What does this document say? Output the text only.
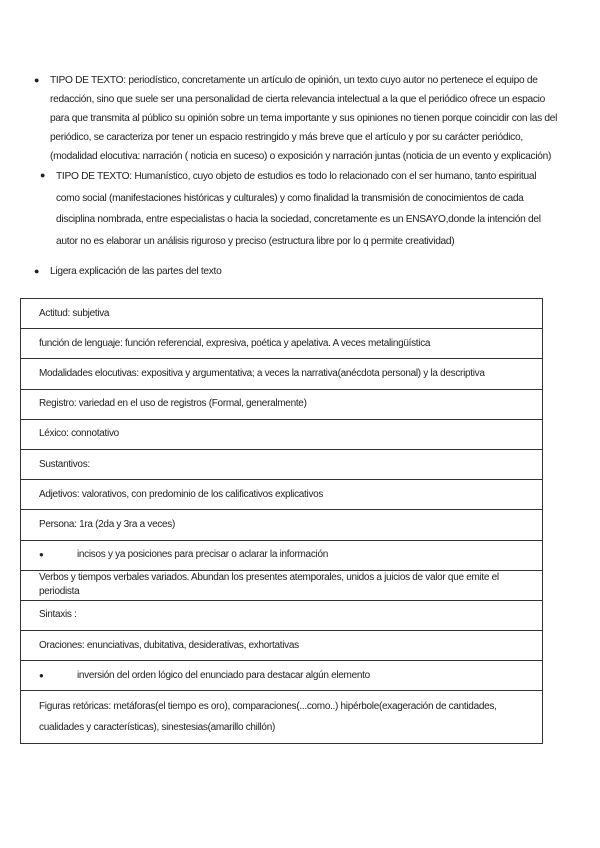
●	TIPO DE TEXTO: periodístico, concretamente un artículo de opinión, un texto cuyo autor no pertenece el equipo de redacción, sino que suele ser una personalidad de cierta relevancia intelectual a la que el periódico ofrece un espacio para que transmita al público su opinión sobre un tema importante y sus opiniones no tienen porque coincidir con las del periódico, se caracteriza por tener un espacio restringido y más breve que el artículo y por su carácter periódico, (modalidad elocutiva: narración ( noticia en suceso) o exposición y narración juntas (noticia de un evento y explicación)
●	TIPO DE TEXTO: Humanístico, cuyo objeto de estudios es todo lo relacionado con el ser humano, tanto espiritual como social (manifestaciones históricas y culturales) y como finalidad la transmisión de conocimientos de cada disciplina nombrada, entre especialistas o hacia la sociedad, concretamente es un ENSAYO,donde la intención del autor no es elaborar un análisis riguroso y preciso (estructura libre por lo q permite creatividad)
●	Ligera explicación de las partes del texto
Actitud: subjetiva
función de lenguaje: función referencial, expresiva, poética y apelativa. A veces metalingüística
Modalidades elocutivas: expositiva y argumentativa; a veces la narrativa(anécdota personal) y la descriptiva
Registro: variedad en el uso de registros (Formal, generalmente)
Léxico: connotativo
Sustantivos:
Adjetivos: valorativos, con predominio de los calificativos explicativos
Persona: 1ra (2da y 3ra a veces)
●	incisos y ya posiciones para precisar o aclarar la información
Verbos y tiempos verbales variados. Abundan los presentes atemporales, unidos a juicios de valor que emite el periodista
Sintaxis :
Oraciones: enunciativas, dubitativa, desiderativas, exhortativas
●	inversión del orden lógico del enunciado para destacar algún elemento
Figuras retóricas: metáforas(el tiempo es oro), comparaciones(...como..) hipérbole(exageración de cantidades, cualidades y características), sinestesias(amarillo chillón)
